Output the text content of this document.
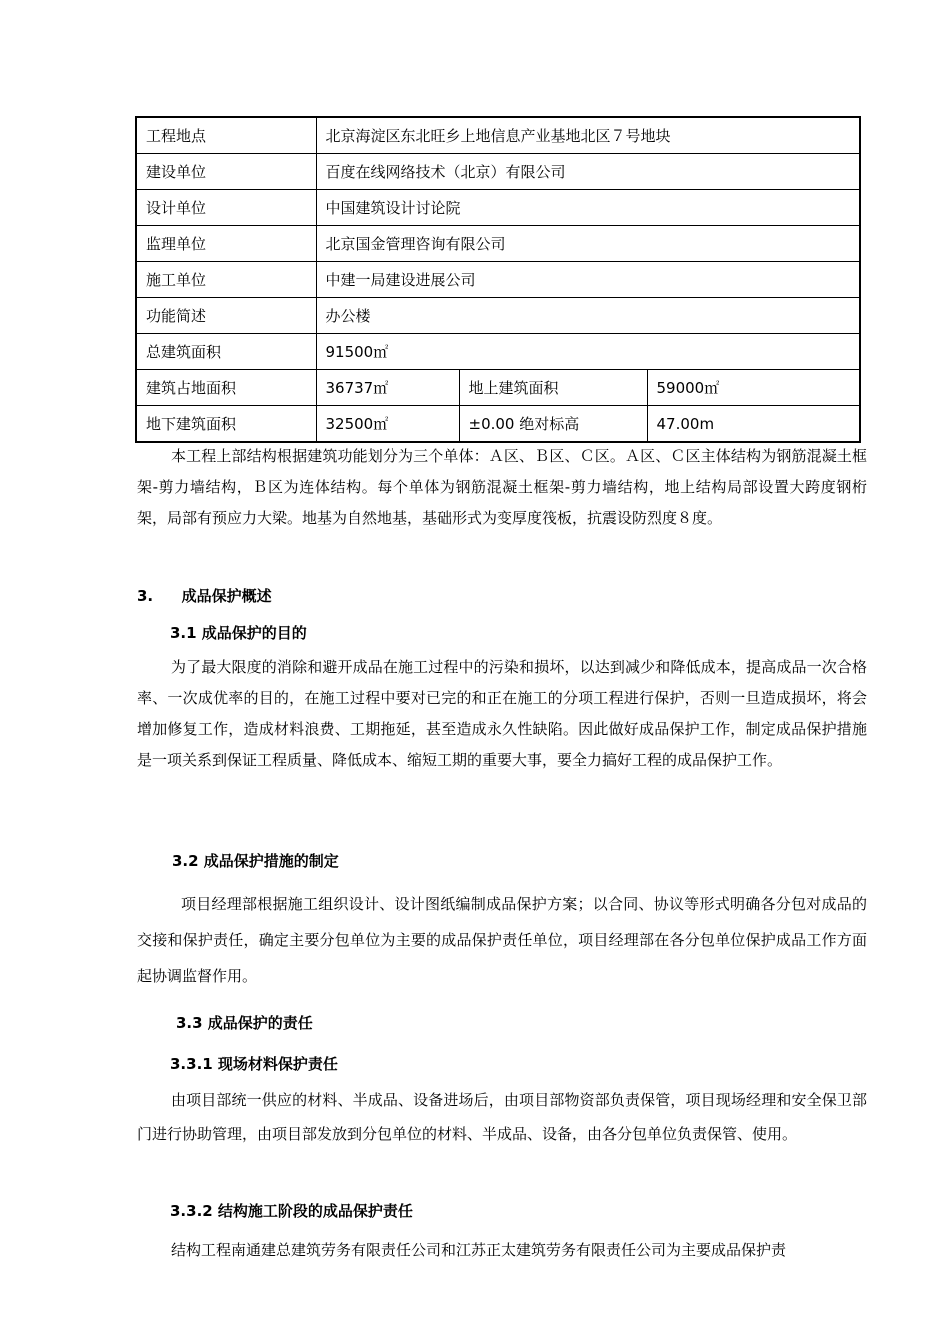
工程地点	北京海淀区东北旺乡上地信息产业基地北区７号地块		
建设单位	百度在线网络技术（北京）有限公司		
设计单位	中国建筑设计讨论院		
监理单位	北京国金管理咨询有限公司		
施工单位	中建一局建设进展公司		
功能简述	办公楼		
总建筑面积	91500㎡		
建筑占地面积	36737㎡	地上建筑面积	59000㎡
地下建筑面积	32500㎡	±0.00 绝对标高	47.00m
本工程上部结构根据建筑功能划分为三个单体：Ａ区、Ｂ区、Ｃ区。Ａ区、Ｃ区主体结构为钢筋混凝土框架-剪力墙结构，Ｂ区为连体结构。每个单体为钢筋混凝土框架-剪力墙结构，地上结构局部设置大跨度钢桁架，局部有预应力大梁。地基为自然地基，基础形式为变厚度筏板，抗震设防烈度８度。
3. 成品保护概述
3.1 成品保护的目的
为了最大限度的消除和避开成品在施工过程中的污染和损坏，以达到减少和降低成本，提高成品一次合格率、一次成优率的目的，在施工过程中要对已完的和正在施工的分项工程进行保护，否则一旦造成损坏，将会增加修复工作，造成材料浪费、工期拖延，甚至造成永久性缺陷。因此做好成品保护工作，制定成品保护措施是一项关系到保证工程质量、降低成本、缩短工期的重要大事，要全力搞好工程的成品保护工作。
3.2 成品保护措施的制定
项目经理部根据施工组织设计、设计图纸编制成品保护方案；以合同、协议等形式明确各分包对成品的交接和保护责任，确定主要分包单位为主要的成品保护责任单位，项目经理部在各分包单位保护成品工作方面起协调监督作用。
3.3 成品保护的责任
3.3.1 现场材料保护责任
由项目部统一供应的材料、半成品、设备进场后，由项目部物资部负责保管，项目现场经理和安全保卫部门进行协助管理，由项目部发放到分包单位的材料、半成品、设备，由各分包单位负责保管、使用。
3.3.2 结构施工阶段的成品保护责任
结构工程南通建总建筑劳务有限责任公司和江苏正太建筑劳务有限责任公司为主要成品保护责
